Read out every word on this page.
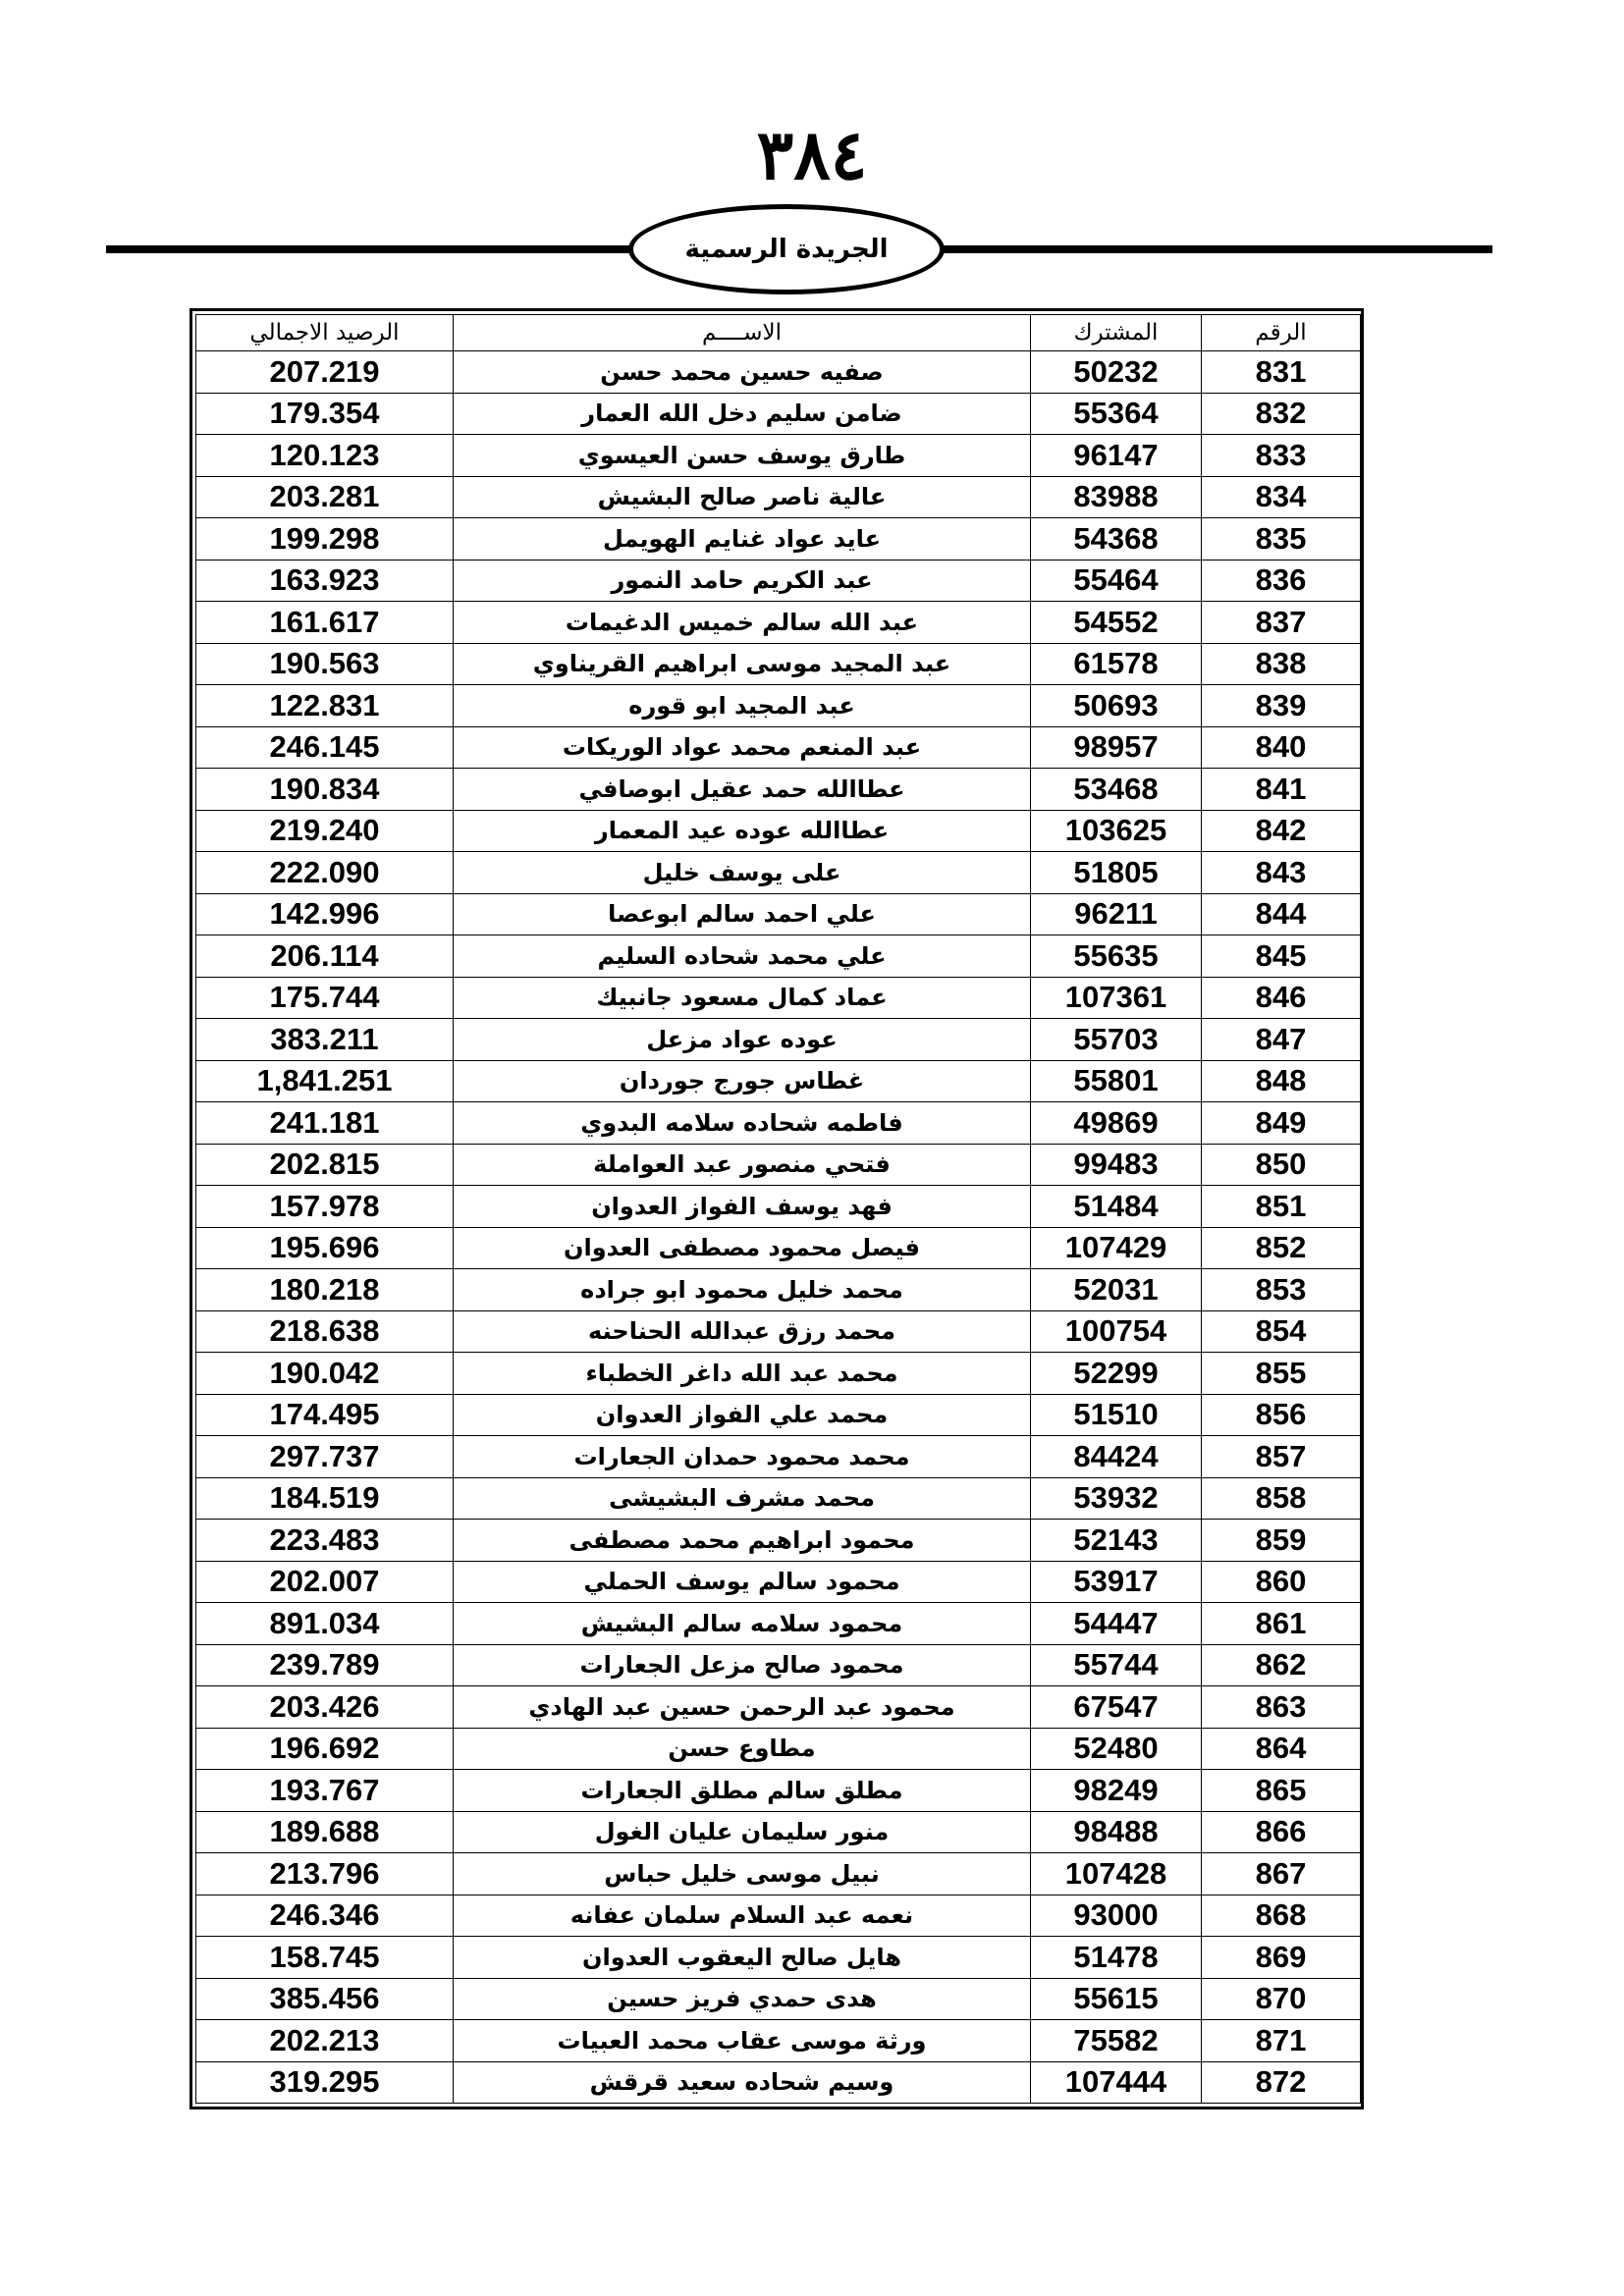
٣٨٤
الجريدة الرسمية
الرقم	المشترك	الاســــم	الرصيد الاجمالي
831	50232	صفيه حسين محمد حسن	207.219
832	55364	ضامن سليم دخل الله العمار	179.354
833	96147	طارق يوسف حسن العيسوي	120.123
834	83988	عالية ناصر صالح البشيش	203.281
835	54368	عايد عواد غنايم الهويمل	199.298
836	55464	عبد الكريم حامد النمور	163.923
837	54552	عبد الله سالم خميس الدغيمات	161.617
838	61578	عبد المجيد موسى ابراهيم القريناوي	190.563
839	50693	عبد المجيد ابو قوره	122.831
840	98957	عبد المنعم محمد عواد الوريكات	246.145
841	53468	عطاالله حمد عقيل ابوصافي	190.834
842	103625	عطاالله عوده عيد المعمار	219.240
843	51805	على يوسف خليل	222.090
844	96211	علي احمد سالم ابوعصا	142.996
845	55635	علي محمد شحاده السليم	206.114
846	107361	عماد كمال مسعود جانبيك	175.744
847	55703	عوده عواد مزعل	383.211
848	55801	غطاس جورج جوردان	1,841.251
849	49869	فاطمه شحاده سلامه البدوي	241.181
850	99483	فتحي منصور عبد العواملة	202.815
851	51484	فهد يوسف الفواز العدوان	157.978
852	107429	فيصل محمود مصطفى العدوان	195.696
853	52031	محمد خليل محمود ابو جراده	180.218
854	100754	محمد رزق عبدالله الحناحنه	218.638
855	52299	محمد عبد الله داغر الخطباء	190.042
856	51510	محمد علي الفواز العدوان	174.495
857	84424	محمد محمود حمدان الجعارات	297.737
858	53932	محمد مشرف البشيشى	184.519
859	52143	محمود ابراهيم محمد مصطفى	223.483
860	53917	محمود سالم يوسف الحملي	202.007
861	54447	محمود سلامه سالم البشيش	891.034
862	55744	محمود صالح مزعل الجعارات	239.789
863	67547	محمود عبد الرحمن حسين عبد الهادي	203.426
864	52480	مطاوع حسن	196.692
865	98249	مطلق سالم مطلق الجعارات	193.767
866	98488	منور سليمان عليان الغول	189.688
867	107428	نبيل موسى خليل حباس	213.796
868	93000	نعمه عبد السلام سلمان عفانه	246.346
869	51478	هايل صالح اليعقوب العدوان	158.745
870	55615	هدى حمدي فريز حسين	385.456
871	75582	ورثة موسى عقاب محمد العبيات	202.213
872	107444	وسيم شحاده سعيد قرقش	319.295
